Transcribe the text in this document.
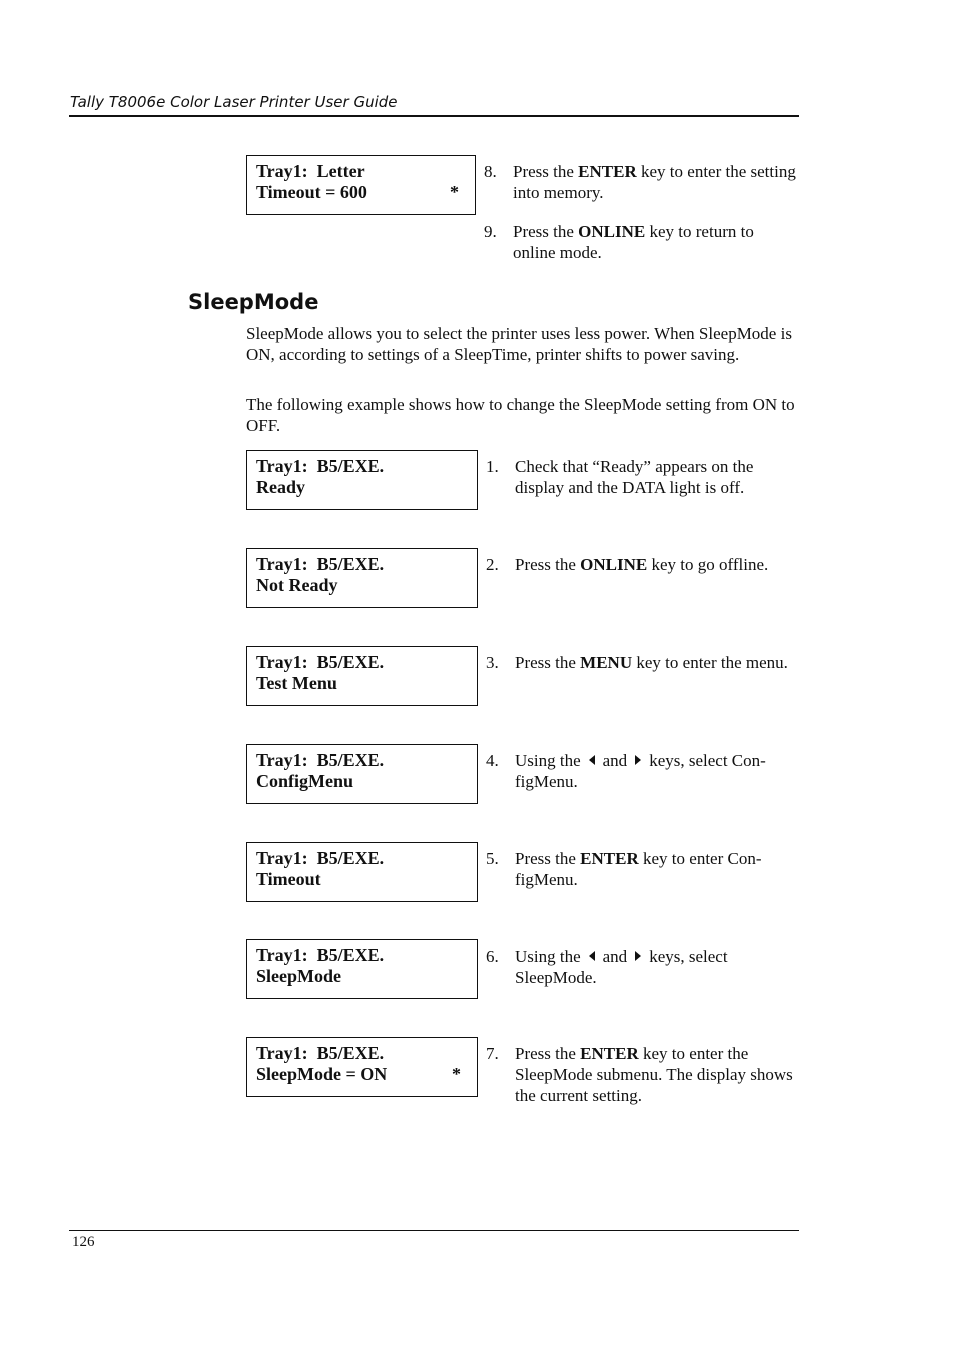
Tally T8006e Color Laser Printer User Guide
Tray1:  Letter
Timeout = 600	*
8. Press the ENTER key to enter the setting into memory.
9. Press the ONLINE key to return to online mode.
SleepMode

SleepMode allows you to select the printer uses less power. When SleepMode is ON, according to settings of a SleepTime, printer shifts to power saving.

The following example shows how to change the SleepMode setting from ON to OFF.

Tray1:  B5/EXE.
Ready
Tray1:  B5/EXE.
Not Ready
Tray1:  B5/EXE.
Test Menu
Tray1:  B5/EXE.
ConfigMenu
Tray1:  B5/EXE.
Timeout
Tray1:  B5/EXE.
SleepMode
Tray1:  B5/EXE.
SleepMode = ON	*
1. Check that “Ready” appears on the display and the DATA light is off.
2. Press the ONLINE key to go offline.
3. Press the MENU key to enter the menu.
4. Using the and keys, select Con-figMenu.
5. Press the ENTER key to enter Con-figMenu.
6. Using the and keys, select SleepMode.
7. Press the ENTER key to enter the SleepMode submenu. The display shows the current setting.
126
